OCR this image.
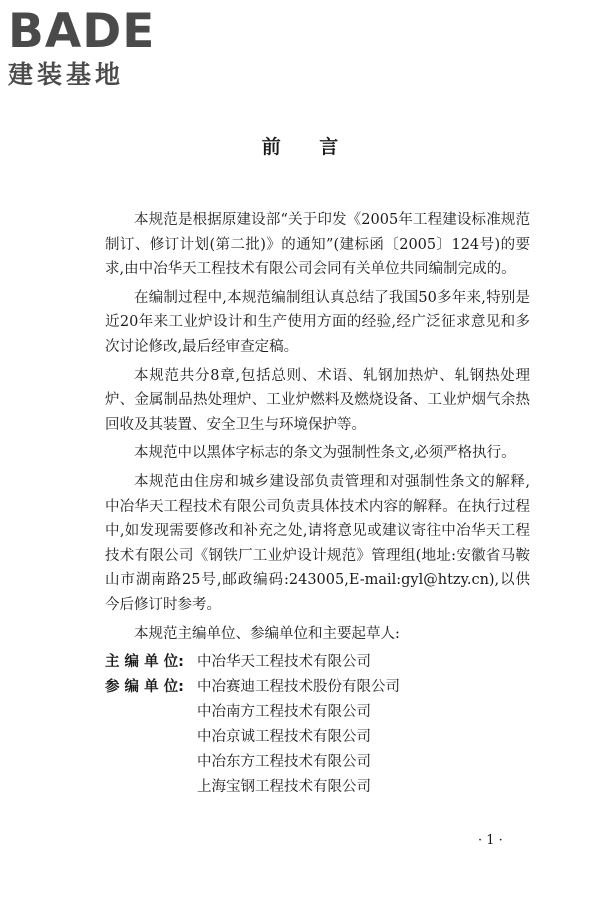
BADE
建装基地
前 言

本规范是根据原建设部“关于印发《2005年工程建设标准规范制订、修订计划(第二批)》的通知”(建标函〔2005〕124号)的要求,由中冶华天工程技术有限公司会同有关单位共同编制完成的。

在编制过程中,本规范编制组认真总结了我国50多年来,特别是近20年来工业炉设计和生产使用方面的经验,经广泛征求意见和多次讨论修改,最后经审查定稿。

本规范共分8章,包括总则、术语、轧钢加热炉、轧钢热处理炉、金属制品热处理炉、工业炉燃料及燃烧设备、工业炉烟气余热回收及其装置、安全卫生与环境保护等。

本规范中以黑体字标志的条文为强制性条文,必须严格执行。

本规范由住房和城乡建设部负责管理和对强制性条文的解释,中冶华天工程技术有限公司负责具体技术内容的解释。在执行过程中,如发现需要修改和补充之处,请将意见或建议寄往中冶华天工程技术有限公司《钢铁厂工业炉设计规范》管理组(地址:安徽省马鞍山市湖南路25号,邮政编码:243005,E-mail:gyl@htzy.cn),以供今后修订时参考。

本规范主编单位、参编单位和主要起草人:

主 编 单 位: 中冶华天工程技术有限公司
参 编 单 位: 中冶赛迪工程技术股份有限公司
中冶南方工程技术有限公司
中冶京诚工程技术有限公司
中冶东方工程技术有限公司
上海宝钢工程技术有限公司
· 1 ·
